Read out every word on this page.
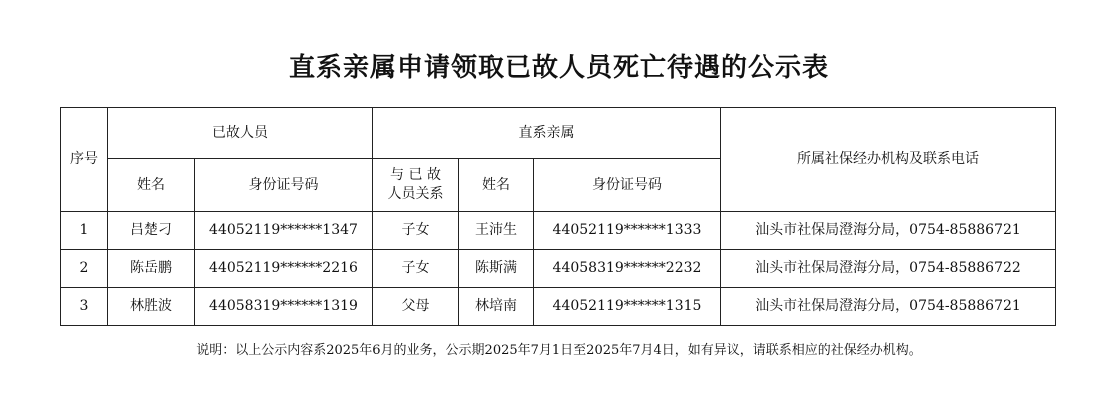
直系亲属申请领取已故人员死亡待遇的公示表
序号	已故人员		直系亲属			所属社保经办机构及联系电话
	姓名	身份证号码	与 已 故
人员关系	姓名	身份证号码	
1	吕楚刁	44052119******1347	子女	王沛生	44052119******1333	汕头市社保局澄海分局，0754-85886721
2	陈岳鹏	44052119******2216	子女	陈斯满	44058319******2232	汕头市社保局澄海分局，0754-85886722
3	林胜波	44058319******1319	父母	林培南	44052119******1315	汕头市社保局澄海分局，0754-85886721
说明：以上公示内容系2025年6月的业务，公示期2025年7月1日至2025年7月4日，如有异议，请联系相应的社保经办机构。
